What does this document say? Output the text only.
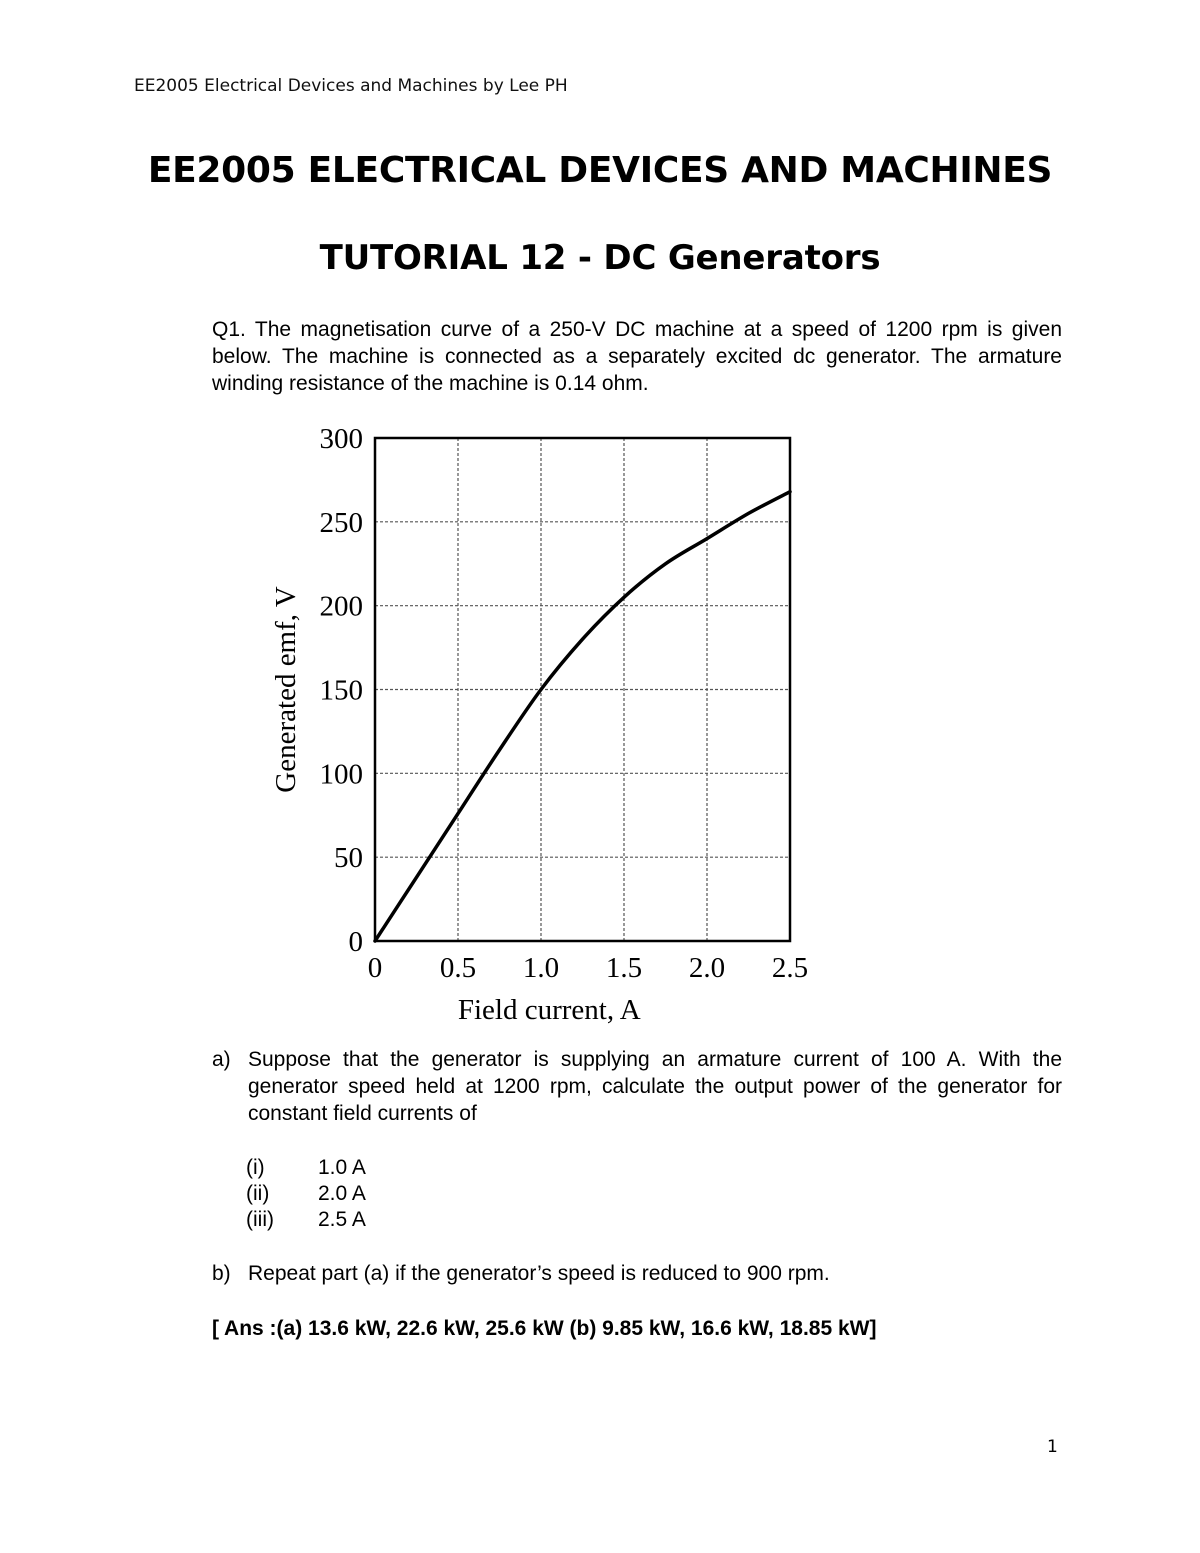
EE2005 Electrical Devices and Machines by Lee PH
EE2005 ELECTRICAL DEVICES AND MACHINES
TUTORIAL 12 - DC Generators
Q1. The magnetisation curve of a 250-V DC machine at a speed of 1200 rpm is given below. The machine is connected as a separately excited dc generator. The armature winding resistance of the machine is 0.14 ohm.
0
50
100
150
200
250
300
0 0.5 1.0 1.5 2.0 2.5
Generated emf, V
Field current, A
a) Suppose that the generator is supplying an armature current of 100 A. With the generator speed held at 1200 rpm, calculate the output power of the generator for constant field currents of
(i)	1.0 A
(ii) 2.0 A
(iii) 2.5 A
b) Repeat part (a) if the generator’s speed is reduced to 900 rpm.
[ Ans :(a) 13.6 kW, 22.6 kW, 25.6 kW (b) 9.85 kW, 16.6 kW, 18.85 kW]
1
